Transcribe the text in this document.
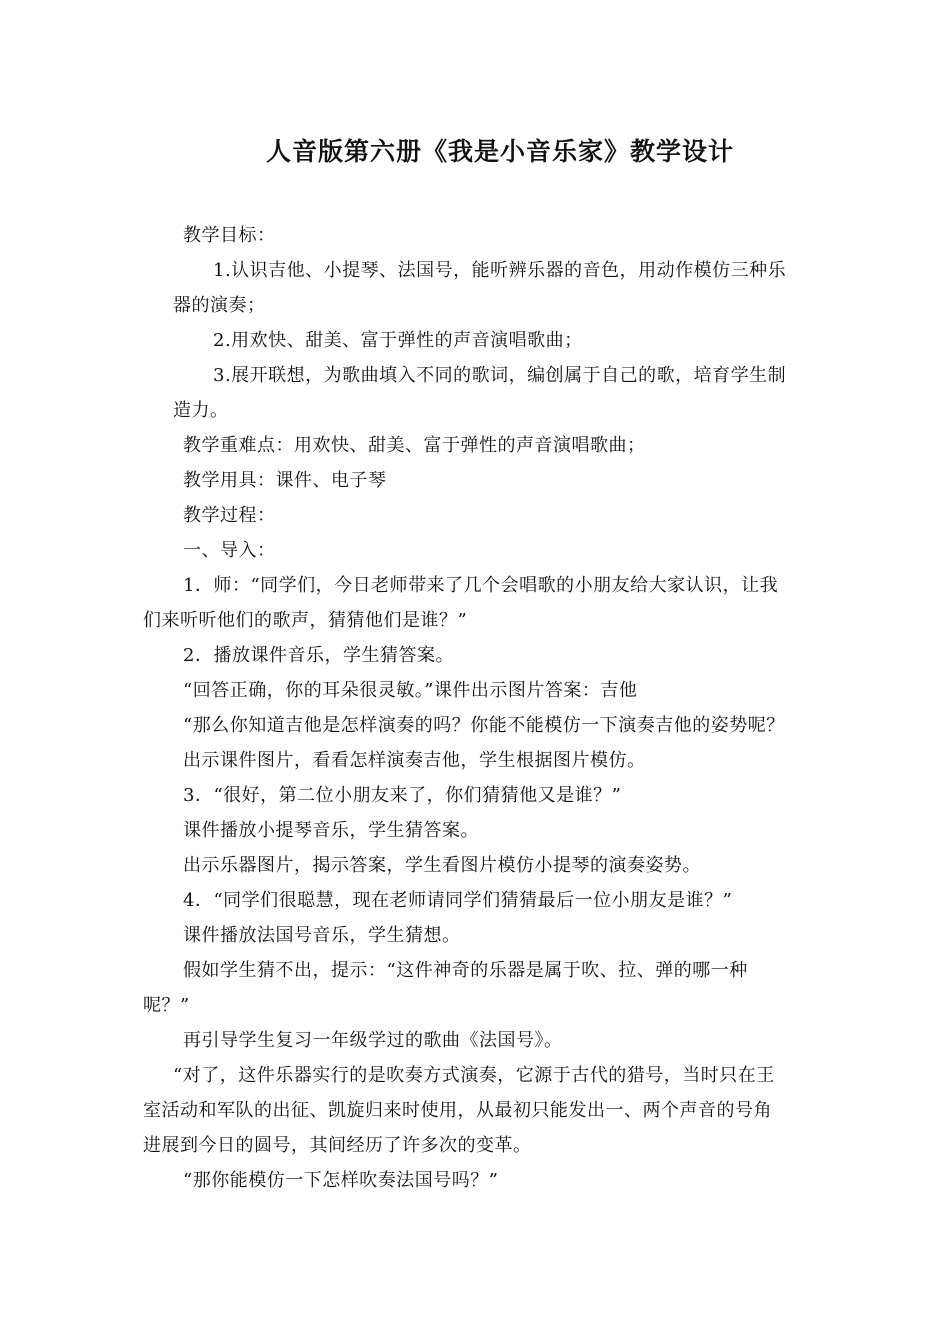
人音版第六册《我是小音乐家》教学设计
教学目标：
1.认识吉他、小提琴、法国号，能听辨乐器的音色，用动作模仿三种乐
器的演奏；
2.用欢快、甜美、富于弹性的声音演唱歌曲；
3.展开联想，为歌曲填入不同的歌词，编创属于自己的歌，培育学生制
造力。
教学重难点：用欢快、甜美、富于弹性的声音演唱歌曲；
教学用具：课件、电子琴
教学过程：
一、导入：
1．师：“同学们，今日老师带来了几个会唱歌的小朋友给大家认识，让我
们来听听他们的歌声，猜猜他们是谁？”
2．播放课件音乐，学生猜答案。
“回答正确，你的耳朵很灵敏。”课件出示图片答案：吉他
“那么你知道吉他是怎样演奏的吗？你能不能模仿一下演奏吉他的姿势呢？
出示课件图片，看看怎样演奏吉他，学生根据图片模仿。
3．“很好，第二位小朋友来了，你们猜猜他又是谁？”
课件播放小提琴音乐，学生猜答案。
出示乐器图片，揭示答案，学生看图片模仿小提琴的演奏姿势。
4．“同学们很聪慧，现在老师请同学们猜猜最后一位小朋友是谁？”
课件播放法国号音乐，学生猜想。
假如学生猜不出，提示：“这件神奇的乐器是属于吹、拉、弹的哪一种
呢？”
再引导学生复习一年级学过的歌曲《法国号》。
“对了，这件乐器实行的是吹奏方式演奏，它源于古代的猎号，当时只在王
室活动和军队的出征、凯旋归来时使用，从最初只能发出一、两个声音的号角
进展到今日的圆号，其间经历了许多次的变革。
“那你能模仿一下怎样吹奏法国号吗？”
